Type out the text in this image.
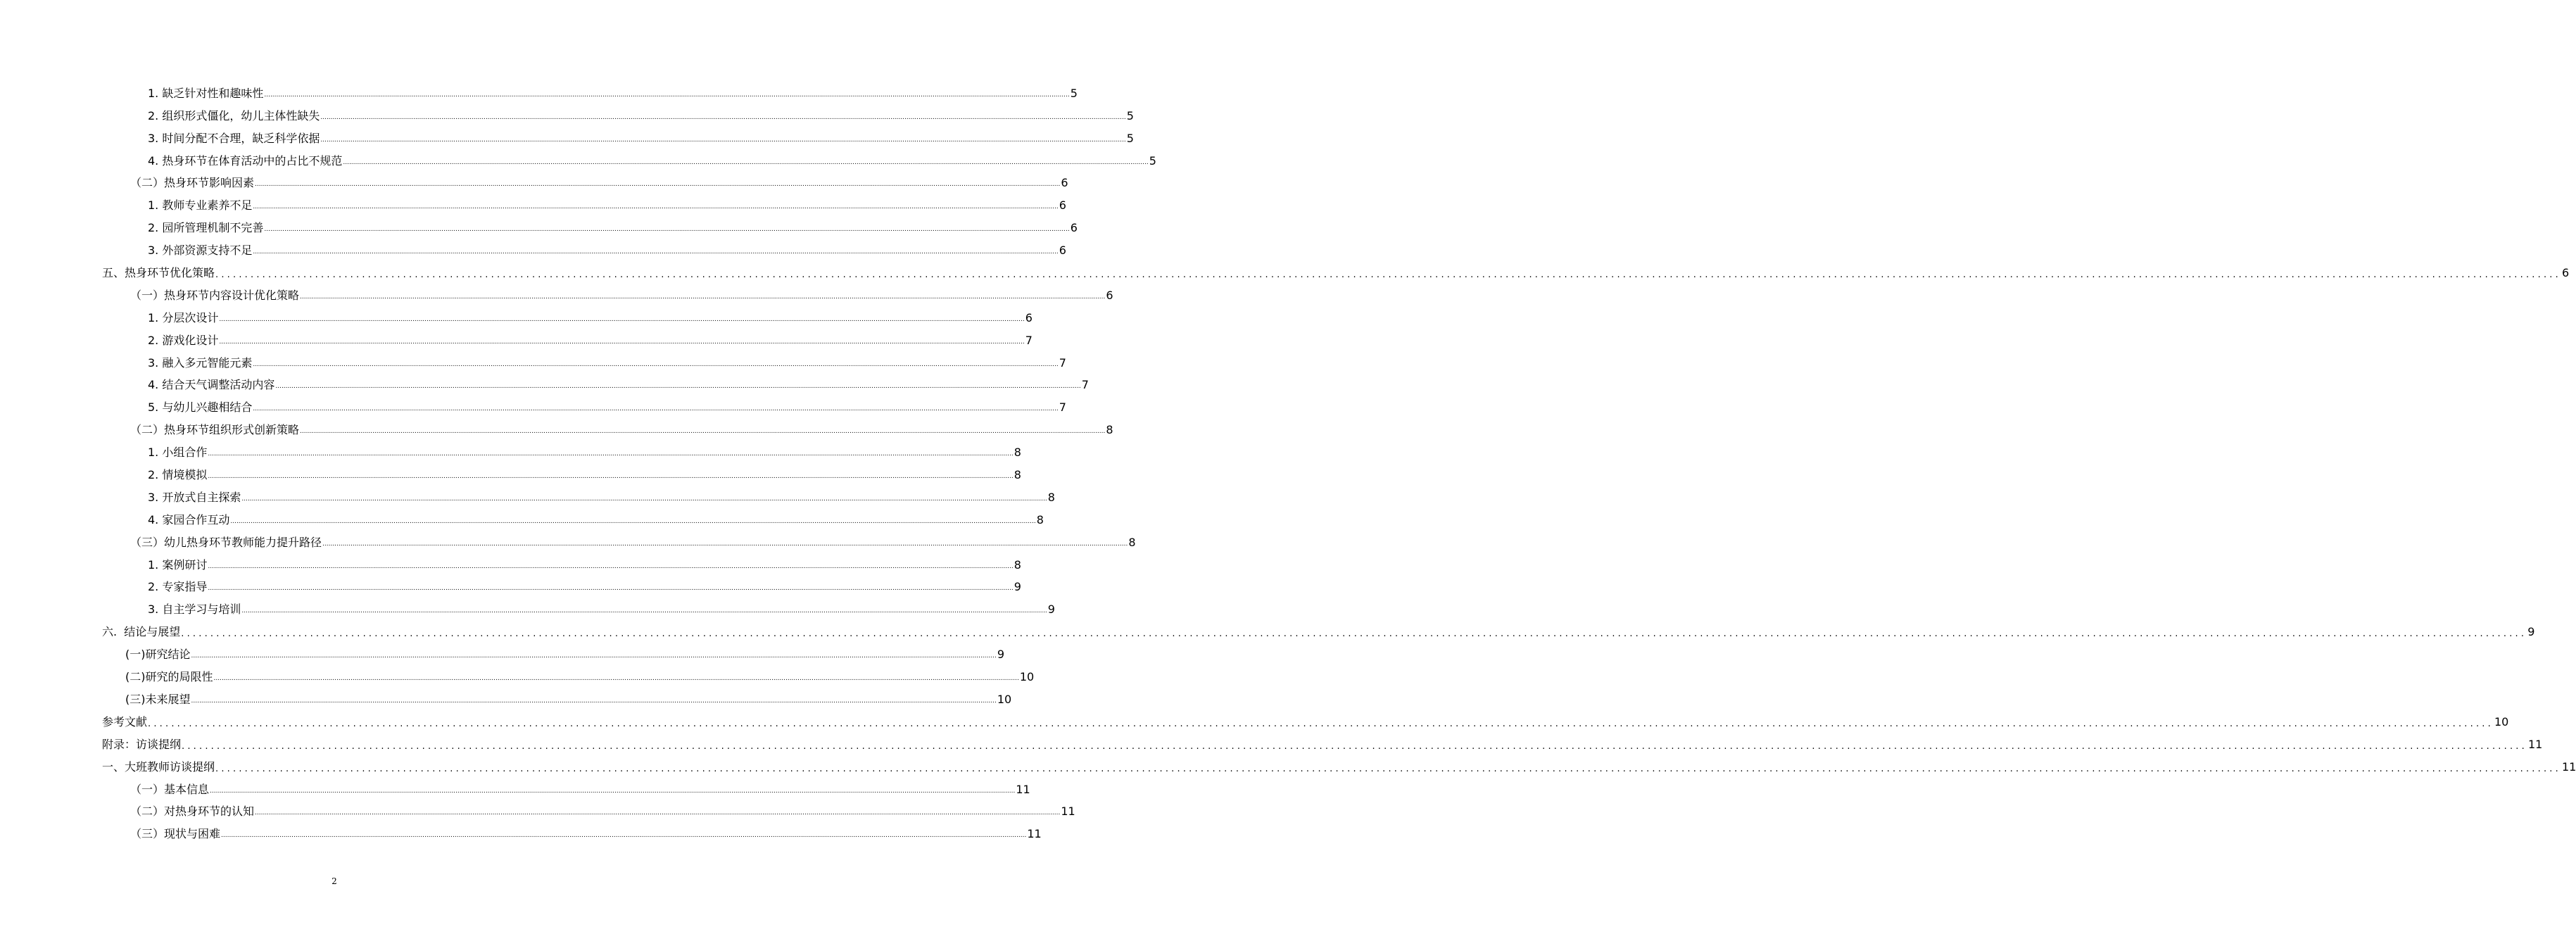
1. 缺乏针对性和趣味性 ................................................................................................................................................................................................................................................................................................................................................................................................................ 5
2. 组织形式僵化，幼儿主体性缺失 ................................................................................................................................................................................................................................................................................................................................................................................................................ 5
3. 时间分配不合理，缺乏科学依据 ................................................................................................................................................................................................................................................................................................................................................................................................................ 5
4. 热身环节在体育活动中的占比不规范 ................................................................................................................................................................................................................................................................................................................................................................................................................ 5
（二）热身环节影响因素 ................................................................................................................................................................................................................................................................................................................................................................................................................ 6
1. 教师专业素养不足 ................................................................................................................................................................................................................................................................................................................................................................................................................ 6
2. 园所管理机制不完善 ................................................................................................................................................................................................................................................................................................................................................................................................................ 6
3. 外部资源支持不足 ................................................................................................................................................................................................................................................................................................................................................................................................................ 6
五、热身环节优化策略 ................................................................................................................................................................................................................................................................................................................................................................................................................ 6
（一）热身环节内容设计优化策略 ................................................................................................................................................................................................................................................................................................................................................................................................................ 6
1. 分层次设计 ................................................................................................................................................................................................................................................................................................................................................................................................................ 6
2. 游戏化设计 ................................................................................................................................................................................................................................................................................................................................................................................................................ 7
3. 融入多元智能元素 ................................................................................................................................................................................................................................................................................................................................................................................................................ 7
4. 结合天气调整活动内容 ................................................................................................................................................................................................................................................................................................................................................................................................................ 7
5. 与幼儿兴趣相结合 ................................................................................................................................................................................................................................................................................................................................................................................................................ 7
（二）热身环节组织形式创新策略 ................................................................................................................................................................................................................................................................................................................................................................................................................ 8
1. 小组合作 ................................................................................................................................................................................................................................................................................................................................................................................................................ 8
2. 情境模拟 ................................................................................................................................................................................................................................................................................................................................................................................................................ 8
3. 开放式自主探索 ................................................................................................................................................................................................................................................................................................................................................................................................................ 8
4. 家园合作互动 ................................................................................................................................................................................................................................................................................................................................................................................................................ 8
（三）幼儿热身环节教师能力提升路径 ................................................................................................................................................................................................................................................................................................................................................................................................................ 8
1. 案例研讨 ................................................................................................................................................................................................................................................................................................................................................................................................................ 8
2. 专家指导 ................................................................................................................................................................................................................................................................................................................................................................................................................ 9
3. 自主学习与培训 ................................................................................................................................................................................................................................................................................................................................................................................................................ 9
六.  结论与展望 ................................................................................................................................................................................................................................................................................................................................................................................................................ 9
(一)研究结论 ................................................................................................................................................................................................................................................................................................................................................................................................................ 9
(二)研究的局限性 ................................................................................................................................................................................................................................................................................................................................................................................................................ 10
(三)未来展望 ................................................................................................................................................................................................................................................................................................................................................................................................................ 10
参考文献 ................................................................................................................................................................................................................................................................................................................................................................................................................ 10
附录：访谈提纲 ................................................................................................................................................................................................................................................................................................................................................................................................................ 11
一、大班教师访谈提纲 ................................................................................................................................................................................................................................................................................................................................................................................................................ 11
（一）基本信息 ................................................................................................................................................................................................................................................................................................................................................................................................................ 11
（二）对热身环节的认知 ................................................................................................................................................................................................................................................................................................................................................................................................................ 11
（三）现状与困难 ................................................................................................................................................................................................................................................................................................................................................................................................................ 11
2
